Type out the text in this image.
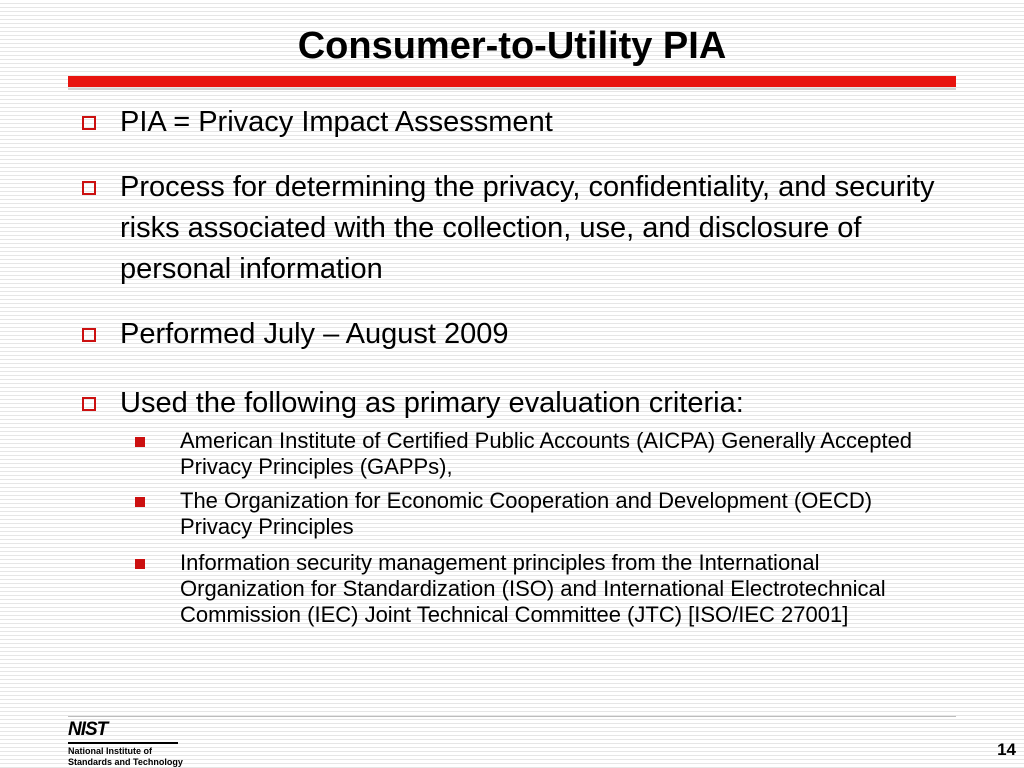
Consumer-to-Utility PIA
PIA = Privacy Impact Assessment
Process for determining the privacy, confidentiality, and security risks associated with the collection, use, and disclosure of personal information
Performed July – August 2009
Used the following as primary evaluation criteria:
American Institute of Certified Public Accounts (AICPA) Generally Accepted Privacy Principles (GAPPs),
The Organization for Economic Cooperation and Development (OECD) Privacy Principles
Information security management principles from the International Organization for Standardization (ISO) and International Electrotechnical Commission (IEC) Joint Technical Committee (JTC) [ISO/IEC 27001]
NIST
National Institute of
Standards and Technology
14
